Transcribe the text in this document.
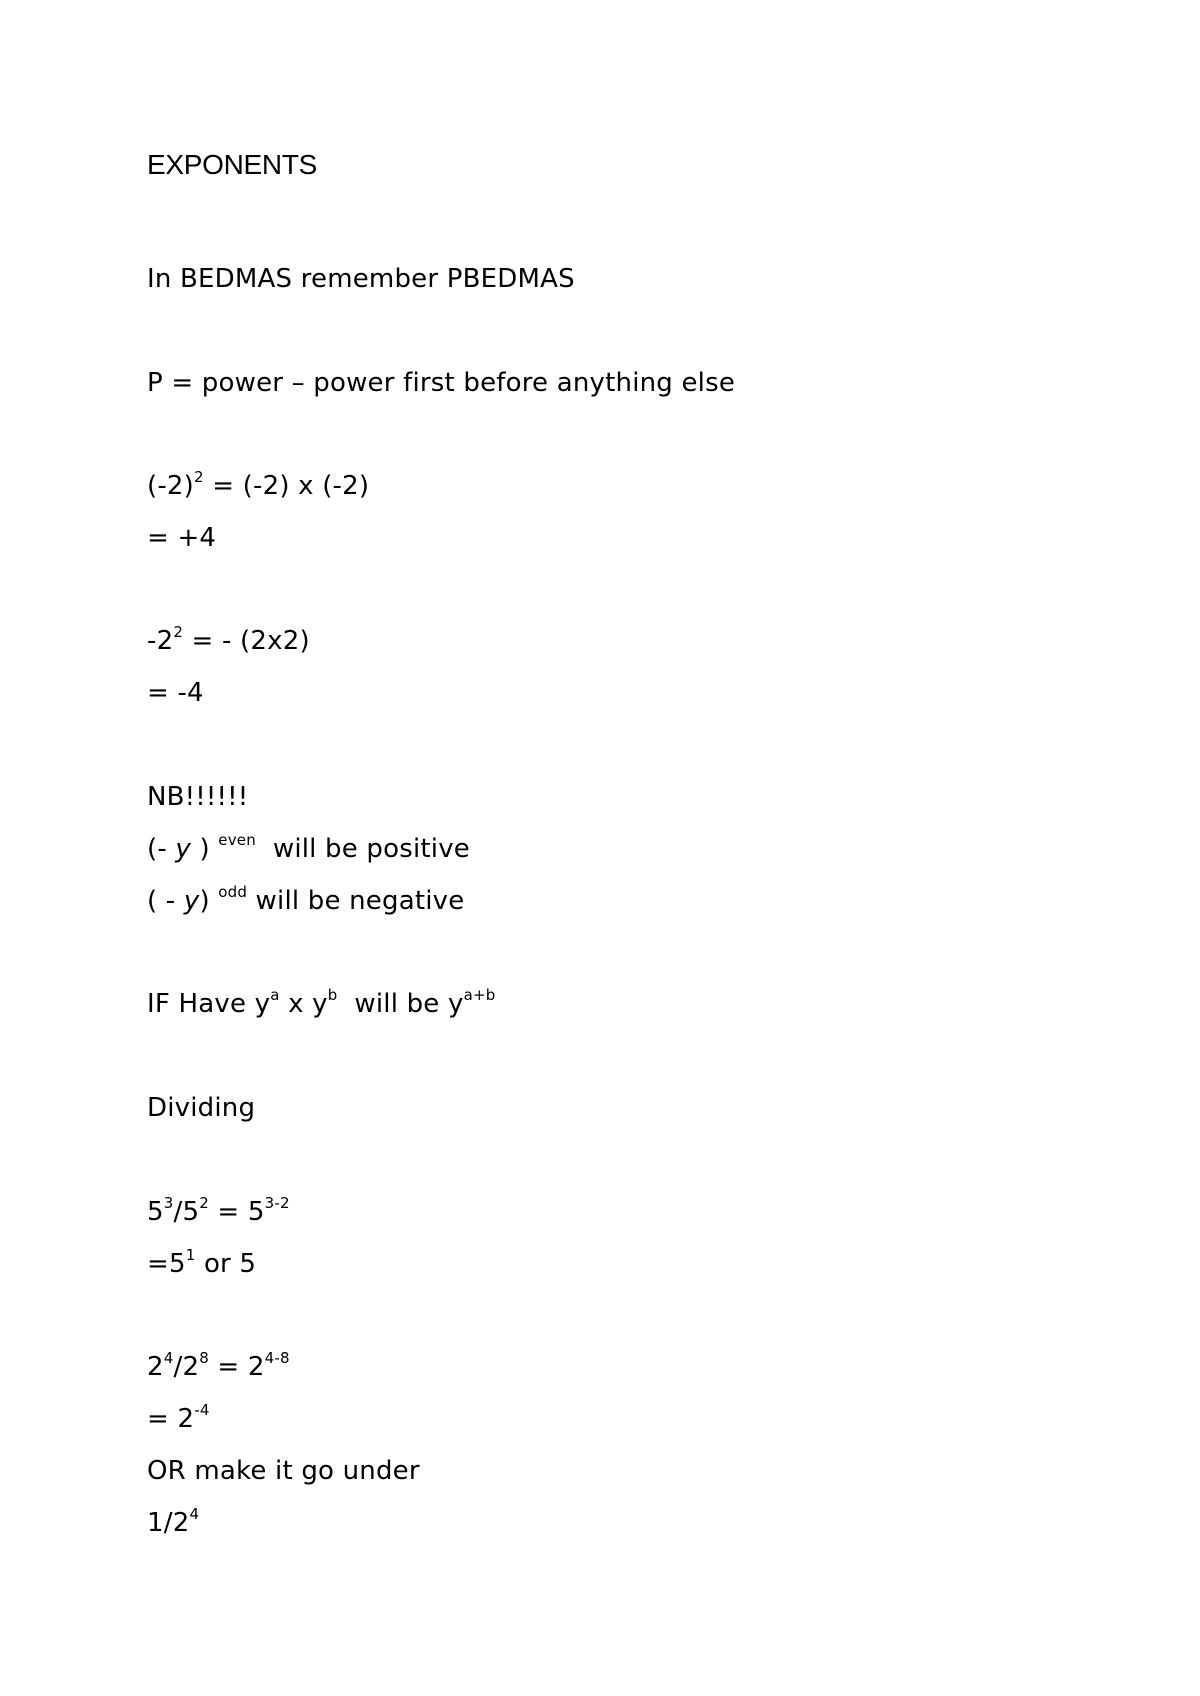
EXPONENTS
In BEDMAS remember PBEDMAS
P = power – power first before anything else
$(-2)^2 = (-2)$ x (-2)
= +4
$-2^2$ = - (2x2)
= -4
NB!!!!!!
(- y ) $^{even}$  will be positive
( - y) $^{odd}$ will be negative
IF Have $y^a$ x $y^b$  will be $y^{a+b}$
Dividing
$5^3/5^2 = 5^{3-2}$
$=5^1$ or 5
$2^4/2^8 = 2^{4-8}$
= $2^{-4}$
OR make it go under
$1/2^4$
